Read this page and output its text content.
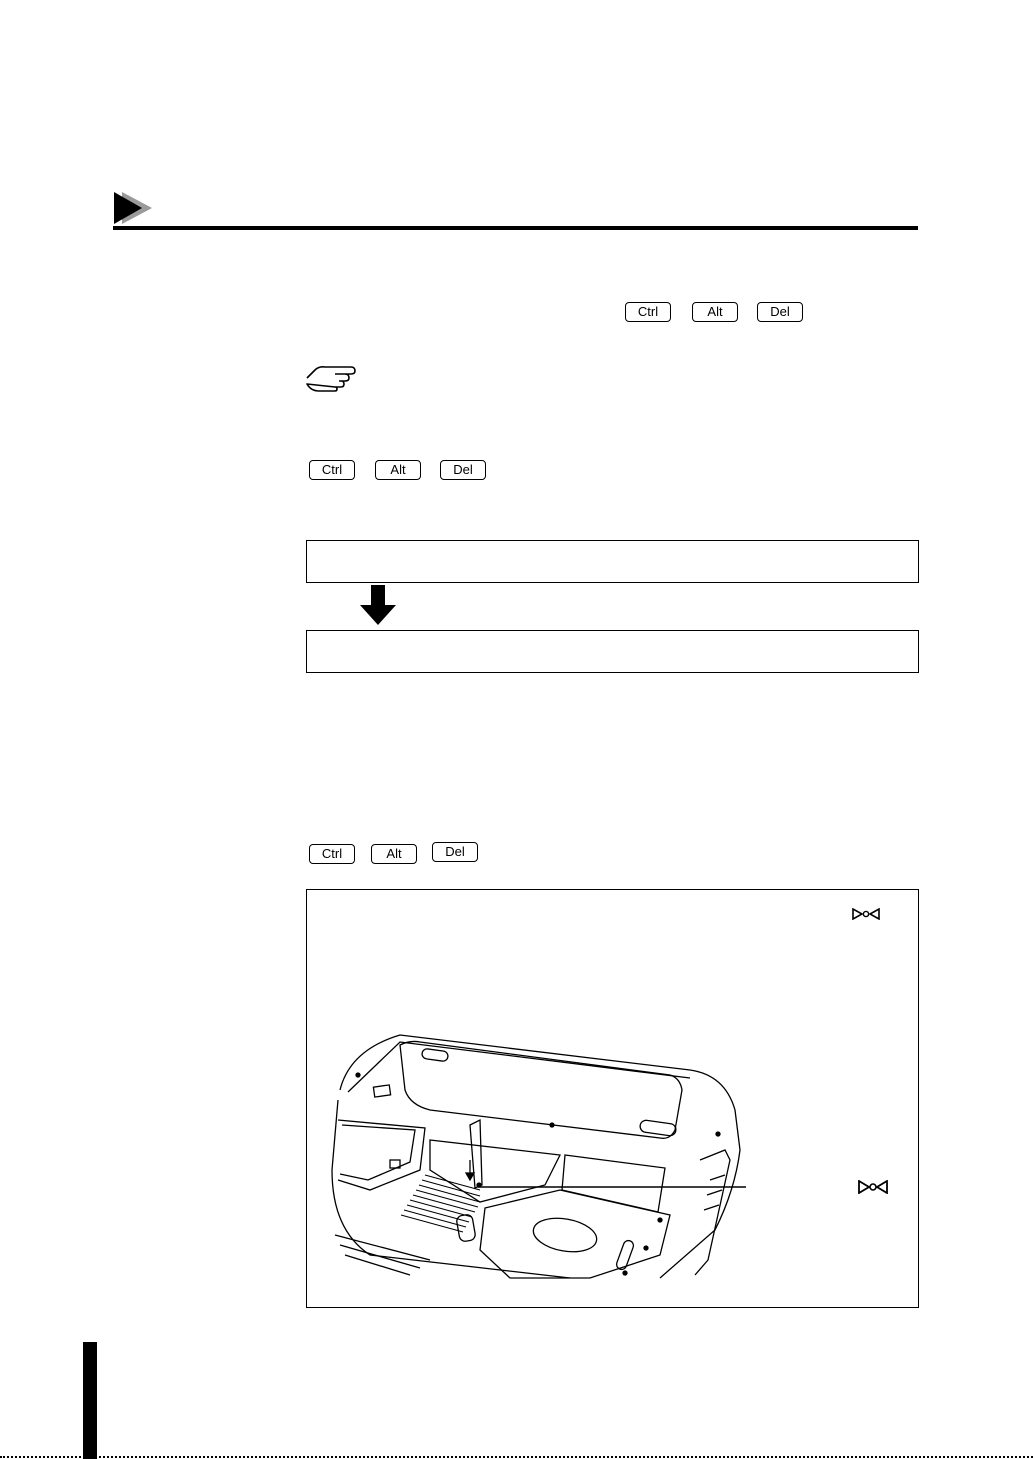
Ctrl	Alt	Del
Ctrl	Alt	Del
Ctrl	Alt	Del
